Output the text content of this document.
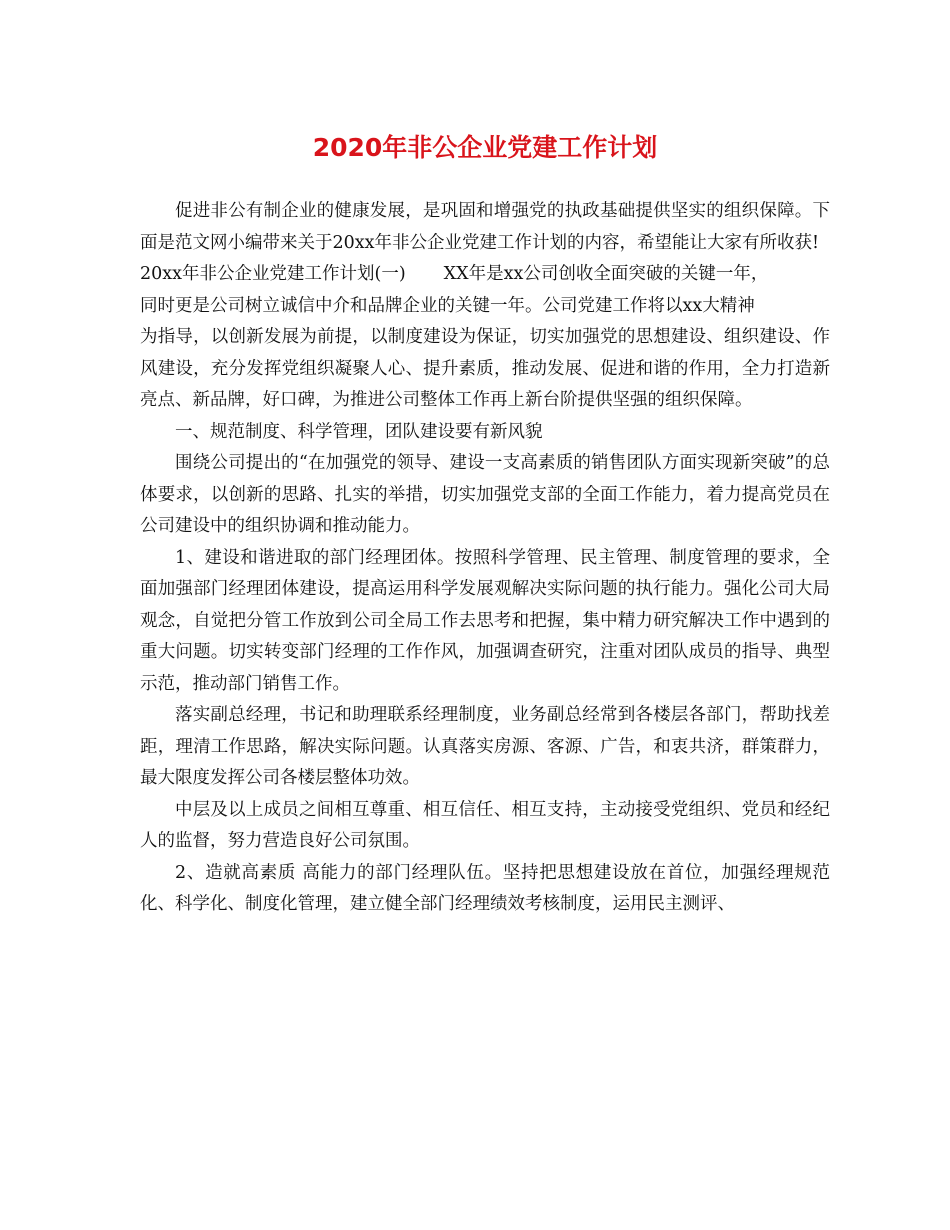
2020年非公企业党建工作计划

促进非公有制企业的健康发展，是巩固和增强党的执政基础提供坚实的组织保障。下面是范文网小编带来关于20xx年非公企业党建工作计划的内容，希望能让大家有所收获!

20xx年非公企业党建工作计划(一) XX年是xx公司创收全面突破的关键一年，

同时更是公司树立诚信中介和品牌企业的关键一年。公司党建工作将以xx大精神

为指导，以创新发展为前提，以制度建设为保证，切实加强党的思想建设、组织建设、作风建设，充分发挥党组织凝聚人心、提升素质，推动发展、促进和谐的作用，全力打造新亮点、新品牌，好口碑，为推进公司整体工作再上新台阶提供坚强的组织保障。

一、规范制度、科学管理，团队建设要有新风貌

围绕公司提出的“在加强党的领导、建设一支高素质的销售团队方面实现新突破”的总体要求，以创新的思路、扎实的举措，切实加强党支部的全面工作能力，着力提高党员在公司建设中的组织协调和推动能力。

1、建设和谐进取的部门经理团体。按照科学管理、民主管理、制度管理的要求，全面加强部门经理团体建设，提高运用科学发展观解决实际问题的执行能力。强化公司大局观念，自觉把分管工作放到公司全局工作去思考和把握，集中精力研究解决工作中遇到的重大问题。切实转变部门经理的工作作风，加强调查研究，注重对团队成员的指导、典型示范，推动部门销售工作。

落实副总经理，书记和助理联系经理制度，业务副总经常到各楼层各部门，帮助找差距，理清工作思路，解决实际问题。认真落实房源、客源、广告，和衷共济，群策群力，最大限度发挥公司各楼层整体功效。

中层及以上成员之间相互尊重、相互信任、相互支持，主动接受党组织、党员和经纪人的监督，努力营造良好公司氛围。

2、造就高素质 高能力的部门经理队伍。坚持把思想建设放在首位，加强经理规范化、科学化、制度化管理，建立健全部门经理绩效考核制度，运用民主测评、
